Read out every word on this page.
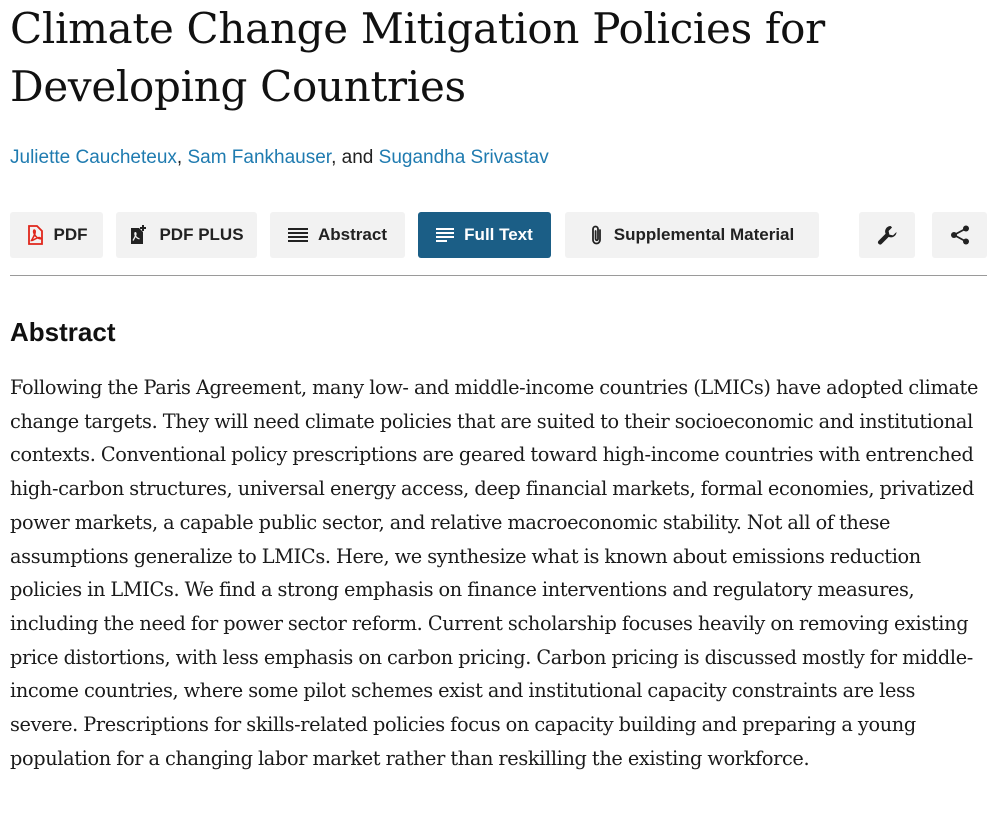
Climate Change Mitigation Policies for Developing Countries
Juliette Caucheteux, Sam Fankhauser, and Sugandha Srivastav
PDF	PDF PLUS	Abstract	Full Text	Supplemental Material
Abstract

Following the Paris Agreement, many low- and middle-income countries (LMICs) have adopted climate change targets. They will need climate policies that are suited to their socioeconomic and institutional contexts. Conventional policy prescriptions are geared toward high-income countries with entrenched high-carbon structures, universal energy access, deep financial markets, formal economies, privatized power markets, a capable public sector, and relative macroeconomic stability. Not all of these assumptions generalize to LMICs. Here, we synthesize what is known about emissions reduction policies in LMICs. We find a strong emphasis on finance interventions and regulatory measures, including the need for power sector reform. Current scholarship focuses heavily on removing existing price distortions, with less emphasis on carbon pricing. Carbon pricing is discussed mostly for middle-income countries, where some pilot schemes exist and institutional capacity constraints are less severe. Prescriptions for skills-related policies focus on capacity building and preparing a young population for a changing labor market rather than reskilling the existing workforce.
